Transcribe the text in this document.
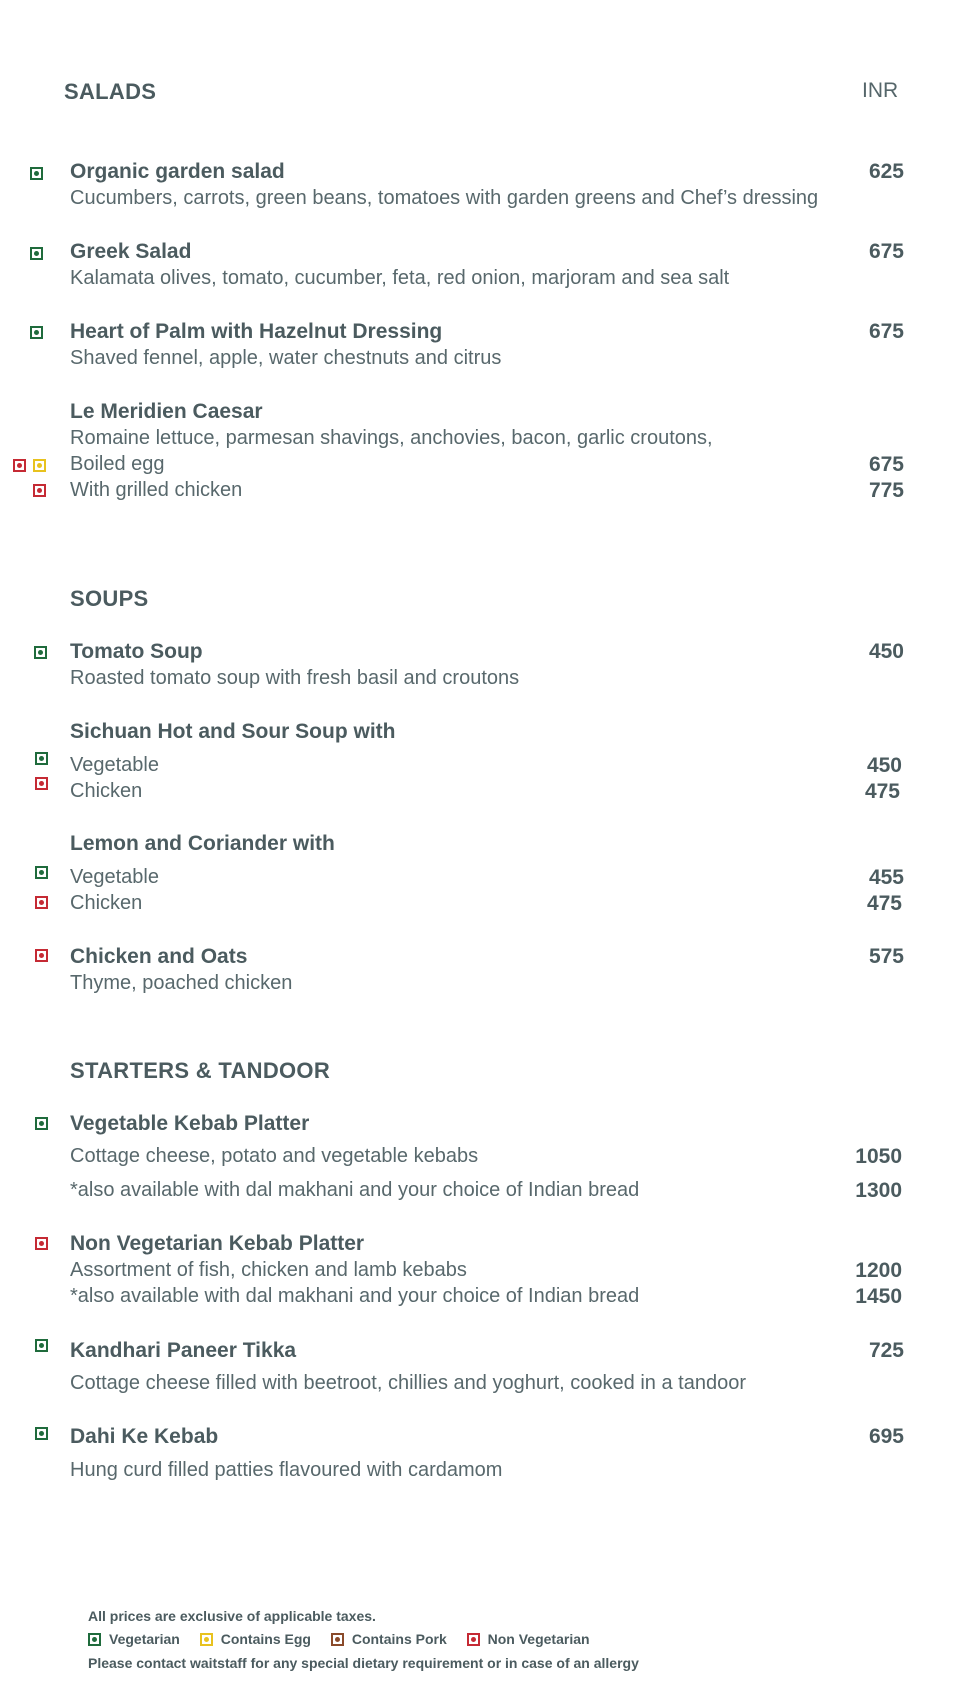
SALADS	INR
Organic garden salad
Cucumbers, carrots, green beans, tomatoes with garden greens and Chef’s dressing
625
Greek Salad
Kalamata olives, tomato, cucumber, feta, red onion, marjoram and sea salt
675
Heart of Palm with Hazelnut Dressing
Shaved fennel, apple, water chestnuts and citrus
675
Le Meridien Caesar
Romaine lettuce, parmesan shavings, anchovies, bacon, garlic croutons,
Boiled egg	675
With grilled chicken	775
SOUPS
Tomato Soup
Roasted tomato soup with fresh basil and croutons
450
Sichuan Hot and Sour Soup with
Vegetable	450
Chicken	475
Lemon and Coriander with
Vegetable	455
Chicken	475
Chicken and Oats
Thyme, poached chicken
575
STARTERS & TANDOOR
Vegetable Kebab Platter
Cottage cheese, potato and vegetable kebabs	1050
*also available with dal makhani and your choice of Indian bread	1300
Non Vegetarian Kebab Platter
Assortment of fish, chicken and lamb kebabs	1200
*also available with dal makhani and your choice of Indian bread	1450
Kandhari Paneer Tikka
Cottage cheese filled with beetroot, chillies and yoghurt, cooked in a tandoor
725
Dahi Ke Kebab
Hung curd filled patties flavoured with cardamom
695
All prices are exclusive of applicable taxes.
Vegetarian
	Contains Egg
	Contains Pork
	Non Vegetarian
Please contact waitstaff for any special dietary requirement or in case of an allergy
